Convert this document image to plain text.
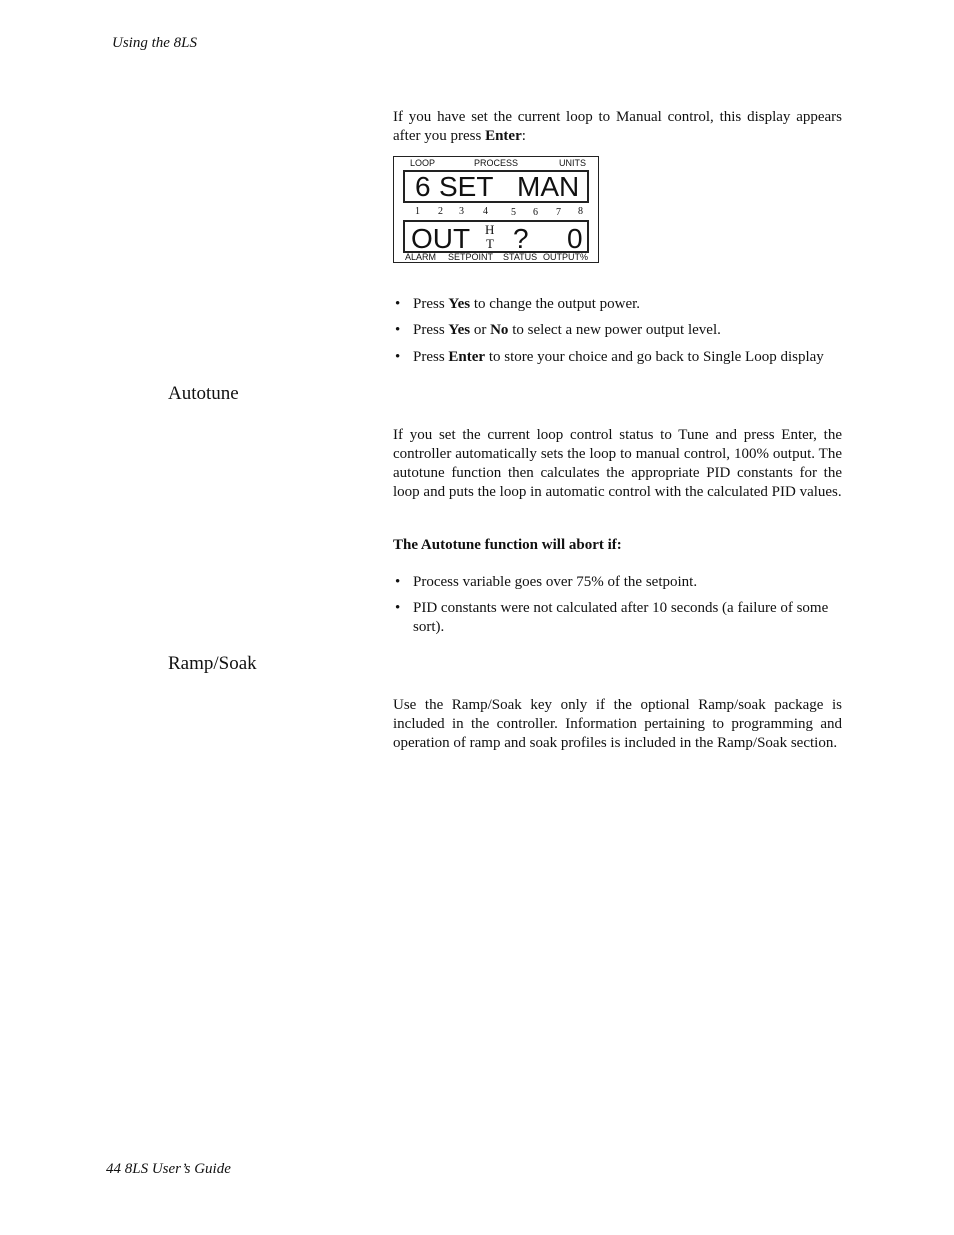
Using the 8LS

If you have set the current loop to Manual control, this display appears after you press Enter:

LOOP	PROCESS	UNITS
6 SET MAN
1 2 3 4 5 6 7 8
OUT H
T ? 0
ALARM SETPOINT STATUS OUTPUT%
• Press Yes to change the output power.
• Press Yes or No to select a new power output level.
• Press Enter to store your choice and go back to Single Loop display
Autotune

If you set the current loop control status to Tune and press Enter, the controller automatically sets the loop to manual control, 100% output. The autotune function then calculates the appropriate PID constants for the loop and puts the loop in automatic control with the calculated PID values.

The Autotune function will abort if:

• Process variable goes over 75% of the setpoint.
• PID constants were not calculated after 10 seconds (a failure of some sort).
Ramp/Soak

Use the Ramp/Soak key only if the optional Ramp/soak package is included in the controller. Information pertaining to programming and operation of ramp and soak profiles is included in the Ramp/Soak section.

44 8LS User’s Guide
